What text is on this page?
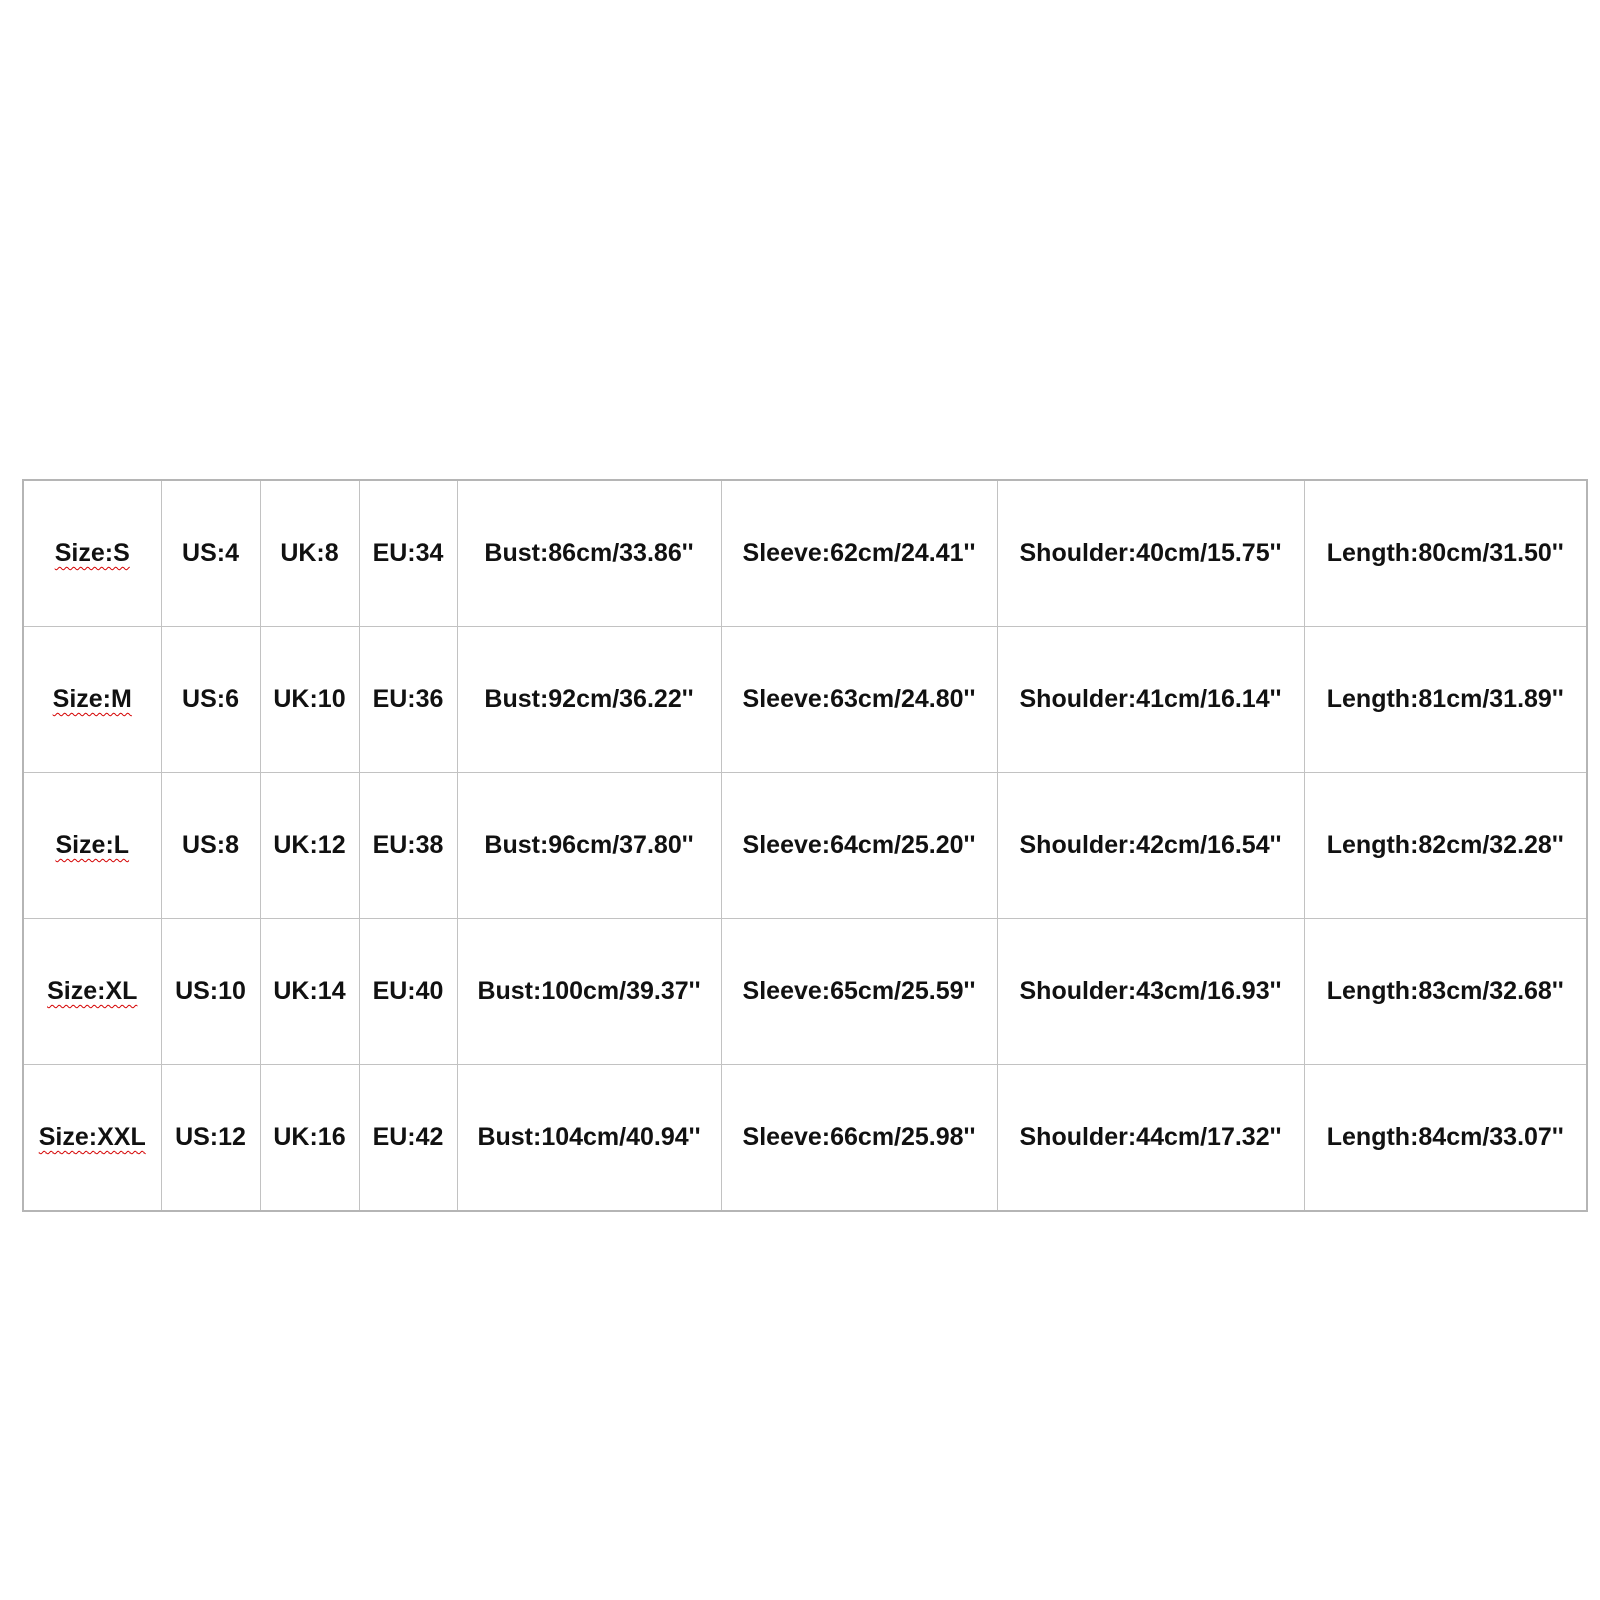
Size:S	US:4	UK:8	EU:34	Bust:86cm/33.86''	Sleeve:62cm/24.41''	Shoulder:40cm/15.75''	Length:80cm/31.50''
Size:M	US:6	UK:10	EU:36	Bust:92cm/36.22''	Sleeve:63cm/24.80''	Shoulder:41cm/16.14''	Length:81cm/31.89''
Size:L	US:8	UK:12	EU:38	Bust:96cm/37.80''	Sleeve:64cm/25.20''	Shoulder:42cm/16.54''	Length:82cm/32.28''
Size:XL	US:10	UK:14	EU:40	Bust:100cm/39.37''	Sleeve:65cm/25.59''	Shoulder:43cm/16.93''	Length:83cm/32.68''
Size:XXL	US:12	UK:16	EU:42	Bust:104cm/40.94''	Sleeve:66cm/25.98''	Shoulder:44cm/17.32''	Length:84cm/33.07''
